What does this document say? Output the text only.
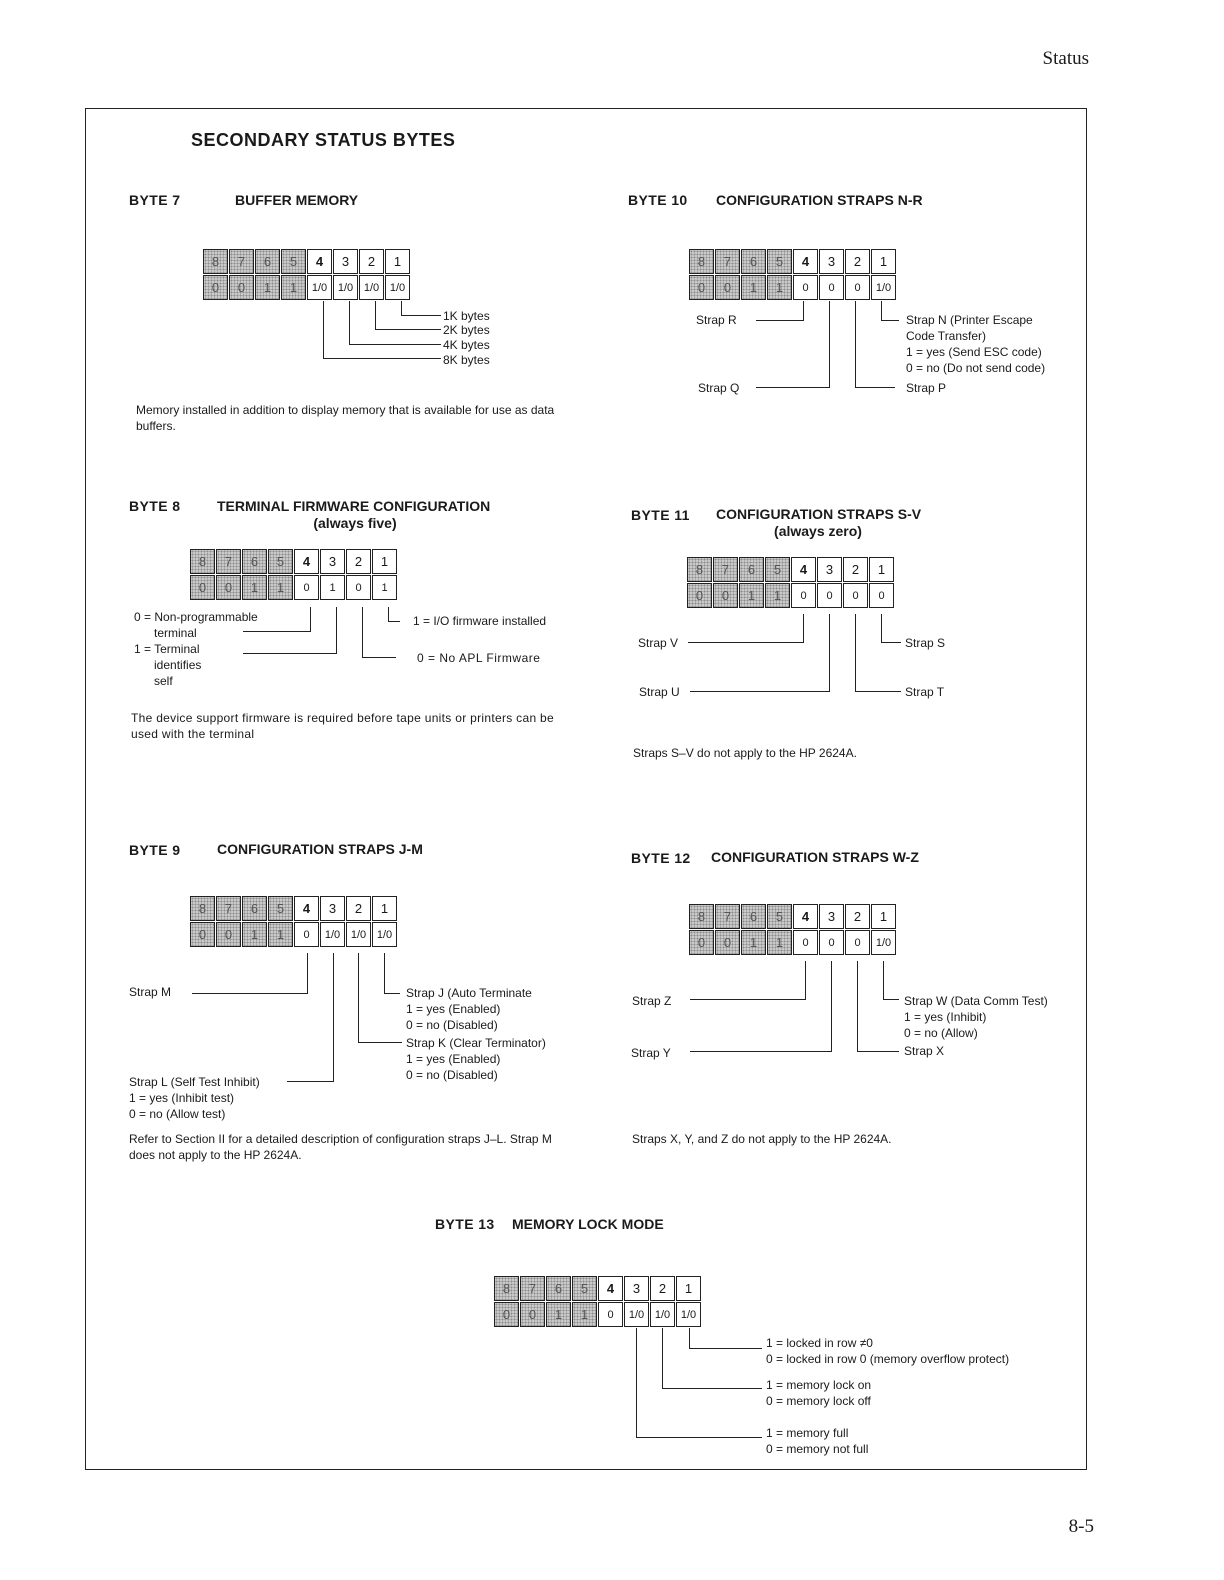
Status
8-5
SECONDARY STATUS BYTES
BYTE 7	BUFFER MEMORY
8	7	6	5	4	3	2	1
0	0	1	1	1/0 1/0 1/0 1/0
1K bytes
2K bytes
4K bytes
8K bytes
Memory installed in addition to display memory that is available for use as data buffers.
BYTE 10 CONFIGURATION STRAPS N-R
8	7	6	5	4	3	2	1
0	0	1	1	0	0	0	1/0
Strap R
Strap Q
Strap N (Printer Escape
Code Transfer)
1 = yes (Send ESC code)
0 = no (Do not send code)
Strap P
BYTE 8	TERMINAL FIRMWARE CONFIGURATION
(always five)
8	7	6	5	4	3	2	1
0	0	1	1	0	1	0	1
0 = Non-programmable
terminal
1 = Terminal
identifies
self
1 = I/O firmware installed
0 = No APL Firmware
The device support firmware is required before tape units or printers can be used with the terminal
BYTE 11 CONFIGURATION STRAPS S-V
(always zero)
8	7	6	5	4	3	2	1
0	0	1	1	0	0	0	0
Strap V
Strap U
Strap S
Strap T
Straps S–V do not apply to the HP 2624A.
BYTE 9	CONFIGURATION STRAPS J-M
8	7	6	5	4	3	2	1
0	0	1	1	0	1/0 1/0 1/0
Strap M
Strap L (Self Test Inhibit)
1 = yes (Inhibit test)
0 = no (Allow test)
Strap J (Auto Terminate
1 = yes (Enabled)
0 = no (Disabled)
Strap K (Clear Terminator)
1 = yes (Enabled)
0 = no (Disabled)
Refer to Section II for a detailed description of configuration straps J–L. Strap M does not apply to the HP 2624A.
BYTE 12 CONFIGURATION STRAPS W-Z
8	7	6	5	4	3	2	1
0	0	1	1	0	0	0	1/0
Strap Z
Strap Y
Strap W (Data Comm Test)
1 = yes (Inhibit)
0 = no (Allow)
Strap X
Straps X, Y, and Z do not apply to the HP 2624A.
BYTE 13 MEMORY LOCK MODE
8	7	6	5	4	3	2	1
0	0	1	1	0	1/0 1/0 1/0
1 = locked in row ≠0
0 = locked in row 0 (memory overflow protect)
1 = memory lock on
0 = memory lock off
1 = memory full
0 = memory not full
